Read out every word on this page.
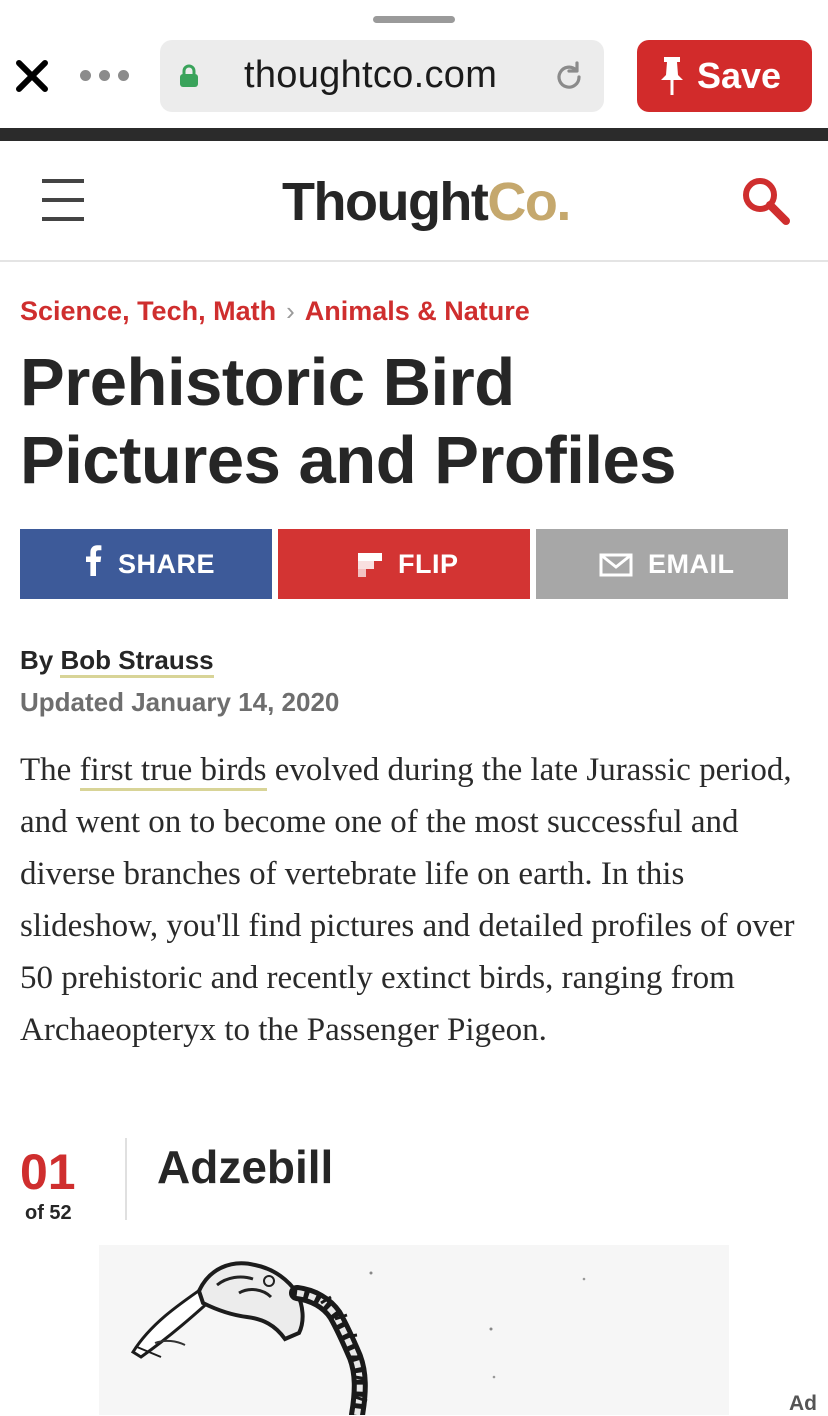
thoughtco.com	Save
ThoughtCo.
Science, Tech, Math › Animals & Nature
Prehistoric Bird
Pictures and Profiles
SHARE	FLIP	EMAIL
By Bob Strauss
Updated January 14, 2020

The first true birds evolved during the late Jurassic period, and went on to become one of the most successful and diverse branches of vertebrate life on earth. In this slideshow, you'll find pictures and detailed profiles of over 50 prehistoric and recently extinct birds, ranging from Archaeopteryx to the Passenger Pigeon.

01
of 52
Adzebill
Ad
